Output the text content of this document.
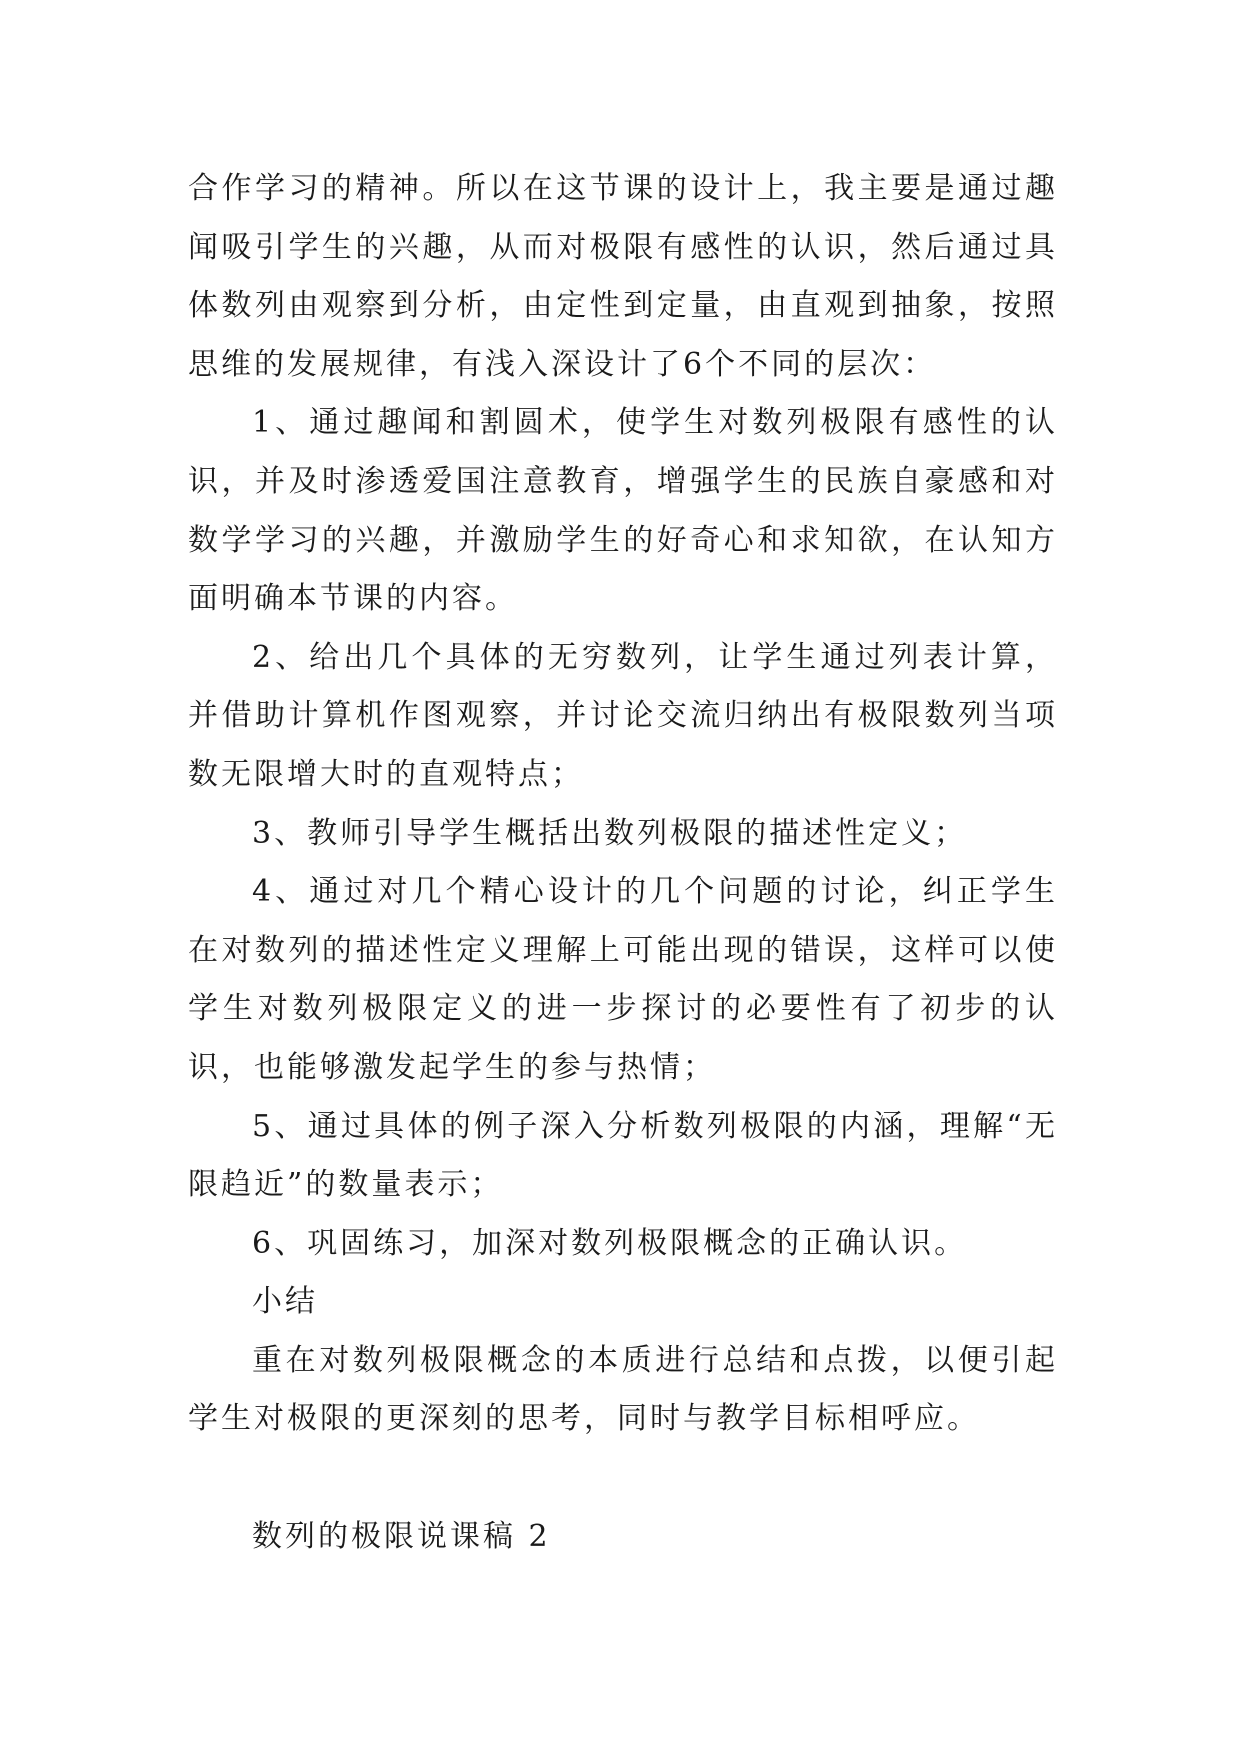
合作学习的精神。所以在这节课的设计上，我主要是通过趣闻吸引学生的兴趣，从而对极限有感性的认识，然后通过具体数列由观察到分析，由定性到定量，由直观到抽象，按照思维的发展规律，有浅入深设计了6个不同的层次：

1、通过趣闻和割圆术，使学生对数列极限有感性的认识，并及时渗透爱国注意教育，增强学生的民族自豪感和对数学学习的兴趣，并激励学生的好奇心和求知欲，在认知方面明确本节课的内容。

2、给出几个具体的无穷数列，让学生通过列表计算，并借助计算机作图观察，并讨论交流归纳出有极限数列当项数无限增大时的直观特点；

3、教师引导学生概括出数列极限的描述性定义；

4、通过对几个精心设计的几个问题的讨论，纠正学生在对数列的描述性定义理解上可能出现的错误，这样可以使学生对数列极限定义的进一步探讨的必要性有了初步的认识，也能够激发起学生的参与热情；

5、通过具体的例子深入分析数列极限的内涵，理解“无限趋近”的数量表示；

6、巩固练习，加深对数列极限概念的正确认识。

小结

重在对数列极限概念的本质进行总结和点拨，以便引起学生对极限的更深刻的思考，同时与教学目标相呼应。

数列的极限说课稿 2
